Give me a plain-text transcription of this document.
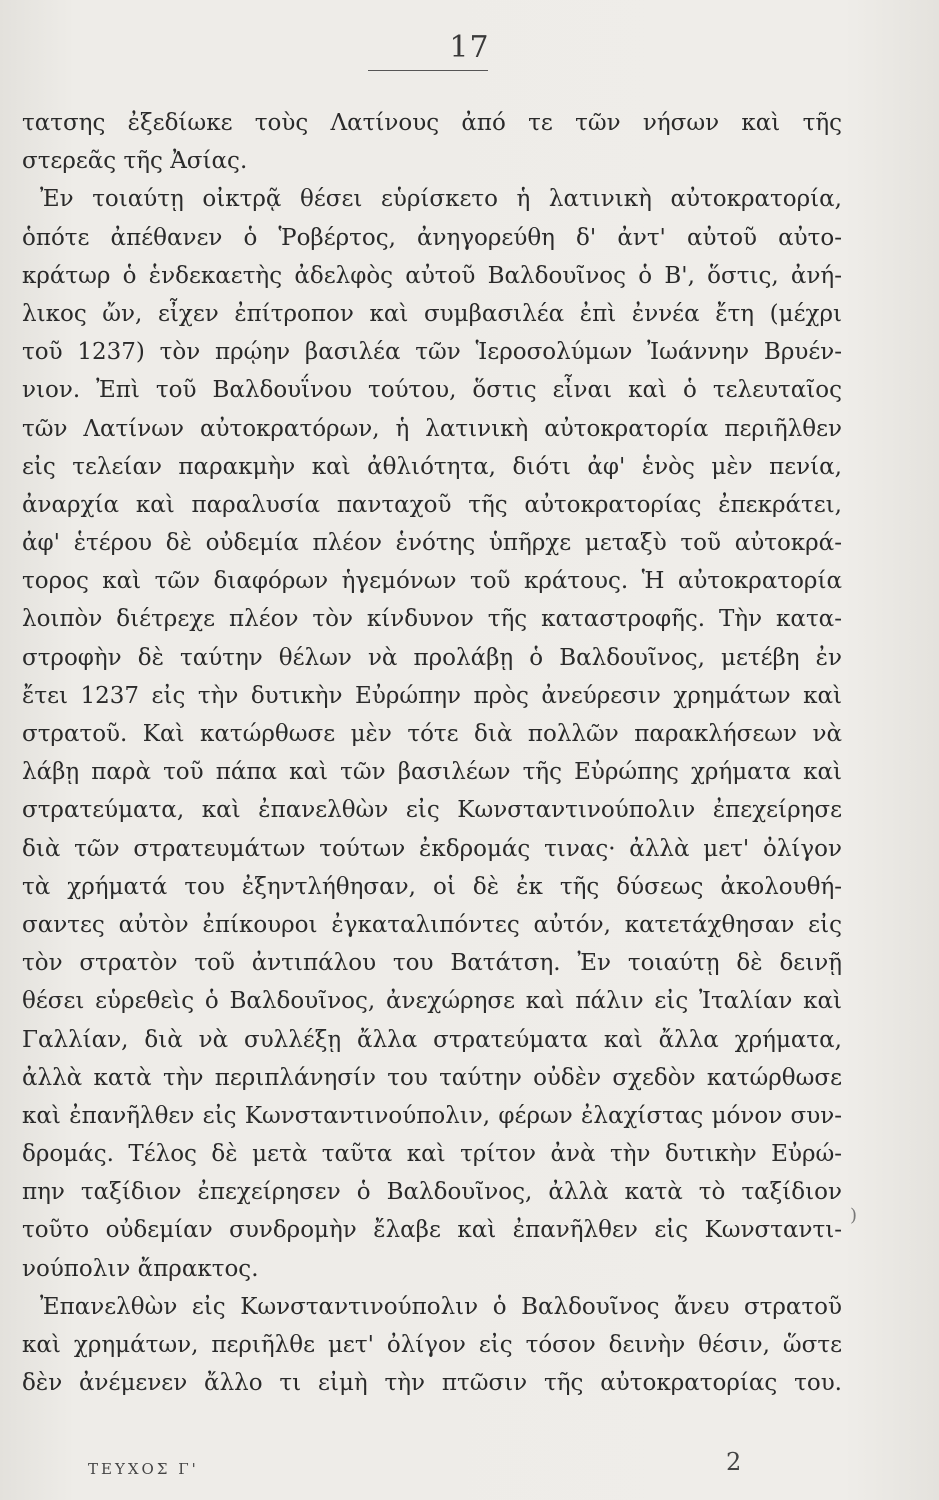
17
τατσης ἐξεδίωκε τοὺς Λατίνους ἀπό τε τῶν νήσων καὶ τῆς
στερεᾶς τῆς Ἀσίας.
Ἐν τοιαύτῃ οἰκτρᾷ θέσει εὑρίσκετο ἡ λατινικὴ αὐτοκρατορία,
ὁπότε ἀπέθανεν ὁ Ῥοβέρτος, ἀνηγορεύθη δ' ἀντ' αὐτοῦ αὐτο-
κράτωρ ὁ ἑνδεκαετὴς ἀδελφὸς αὐτοῦ Βαλδουῖνος ὁ Β', ὅστις, ἀνή-
λικος ὤν, εἶχεν ἐπίτροπον καὶ συμβασιλέα ἐπὶ ἐννέα ἔτη (μέχρι
τοῦ 1237) τὸν πρῴην βασιλέα τῶν Ἱεροσολύμων Ἰωάννην Βρυέν-
νιον. Ἐπὶ τοῦ Βαλδουΐνου τούτου, ὅστις εἶναι καὶ ὁ τελευταῖος
τῶν Λατίνων αὐτοκρατόρων, ἡ λατινικὴ αὐτοκρατορία περιῆλθεν
εἰς τελείαν παρακμὴν καὶ ἀθλιότητα, διότι ἀφ' ἑνὸς μὲν πενία,
ἀναρχία καὶ παραλυσία πανταχοῦ τῆς αὐτοκρατορίας ἐπεκράτει,
ἀφ' ἑτέρου δὲ οὐδεμία πλέον ἑνότης ὑπῆρχε μεταξὺ τοῦ αὐτοκρά-
τορος καὶ τῶν διαφόρων ἡγεμόνων τοῦ κράτους. Ἡ αὐτοκρατορία
λοιπὸν διέτρεχε πλέον τὸν κίνδυνον τῆς καταστροφῆς. Τὴν κατα-
στροφὴν δὲ ταύτην θέλων νὰ προλάβῃ ὁ Βαλδουῖνος, μετέβη ἐν
ἔτει 1237 εἰς τὴν δυτικὴν Εὐρώπην πρὸς ἀνεύρεσιν χρημάτων καὶ
στρατοῦ. Καὶ κατώρθωσε μὲν τότε διὰ πολλῶν παρακλήσεων νὰ
λάβῃ παρὰ τοῦ πάπα καὶ τῶν βασιλέων τῆς Εὐρώπης χρήματα καὶ
στρατεύματα, καὶ ἐπανελθὼν εἰς Κωνσταντινούπολιν ἐπεχείρησε
διὰ τῶν στρατευμάτων τούτων ἐκδρομάς τινας· ἀλλὰ μετ' ὀλίγον
τὰ χρήματά του ἐξηντλήθησαν, οἱ δὲ ἐκ τῆς δύσεως ἀκολουθή-
σαντες αὐτὸν ἐπίκουροι ἐγκαταλιπόντες αὐτόν, κατετάχθησαν εἰς
τὸν στρατὸν τοῦ ἀντιπάλου του Βατάτση. Ἐν τοιαύτῃ δὲ δεινῇ
θέσει εὑρεθεὶς ὁ Βαλδουῖνος, ἀνεχώρησε καὶ πάλιν εἰς Ἰταλίαν καὶ
Γαλλίαν, διὰ νὰ συλλέξῃ ἄλλα στρατεύματα καὶ ἄλλα χρήματα,
ἀλλὰ κατὰ τὴν περιπλάνησίν του ταύτην οὐδὲν σχεδὸν κατώρθωσε
καὶ ἐπανῆλθεν εἰς Κωνσταντινούπολιν, φέρων ἐλαχίστας μόνον συν-
δρομάς. Τέλος δὲ μετὰ ταῦτα καὶ τρίτον ἀνὰ τὴν δυτικὴν Εὐρώ-
πην ταξίδιον ἐπεχείρησεν ὁ Βαλδουῖνος, ἀλλὰ κατὰ τὸ ταξίδιον
τοῦτο οὐδεμίαν συνδρομὴν ἔλαβε καὶ ἐπανῆλθεν εἰς Κωνσταντι-
νούπολιν ἄπρακτος.
Ἐπανελθὼν εἰς Κωνσταντινούπολιν ὁ Βαλδουῖνος ἄνευ στρατοῦ
καὶ χρημάτων, περιῆλθε μετ' ὀλίγον εἰς τόσον δεινὴν θέσιν, ὥστε
δὲν ἀνέμενεν ἄλλο τι εἰμὴ τὴν πτῶσιν τῆς αὐτοκρατορίας του.
)
ΤΕΥΧΟΣ Γ'	2
